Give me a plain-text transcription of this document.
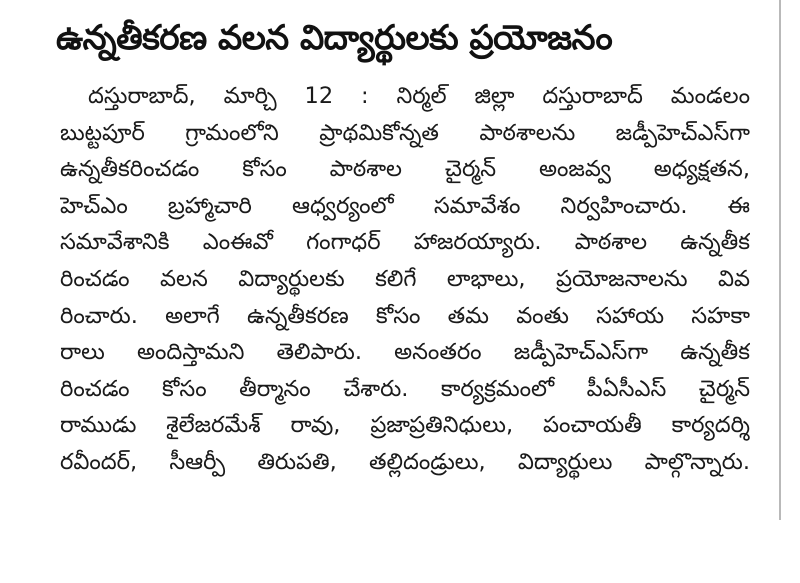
ఉన్నతీకరణ వలన విద్యార్థులకు ప్రయోజనం
దస్తురాబాద్, మార్చి 12 : నిర్మల్ జిల్లా దస్తురాబాద్ మండలం
బుట్టపూర్ గ్రామంలోని ప్రాథమికోన్నత పాఠశాలను జడ్పీహెచ్ఎస్‌గా
ఉన్నతీకరించడం కోసం పాఠశాల చైర్మన్ అంజవ్వ అధ్యక్షతన,
హెచ్ఎం బ్రహ్మాచారి ఆధ్వర్యంలో సమావేశం నిర్వహించారు. ఈ
సమావేశానికి ఎంఈవో గంగాధర్ హాజరయ్యారు. పాఠశాల ఉన్నతీక
రించడం వలన విద్యార్థులకు కలిగే లాభాలు, ప్రయోజనాలను వివ
రించారు. అలాగే ఉన్నతీకరణ కోసం తమ వంతు సహాయ సహకా
రాలు అందిస్తామని తెలిపారు. అనంతరం జడ్పీహెచ్ఎస్‌గా ఉన్నతీక
రించడం కోసం తీర్మానం చేశారు. కార్యక్రమంలో పీఏసీఎస్ చైర్మన్
రాముడు శైలేజరమేశ్ రావు, ప్రజాప్రతినిధులు, పంచాయతీ కార్యదర్శి
రవీందర్, సీఆర్పీ తిరుపతి, తల్లిదండ్రులు, విద్యార్థులు పాల్గొన్నారు.
